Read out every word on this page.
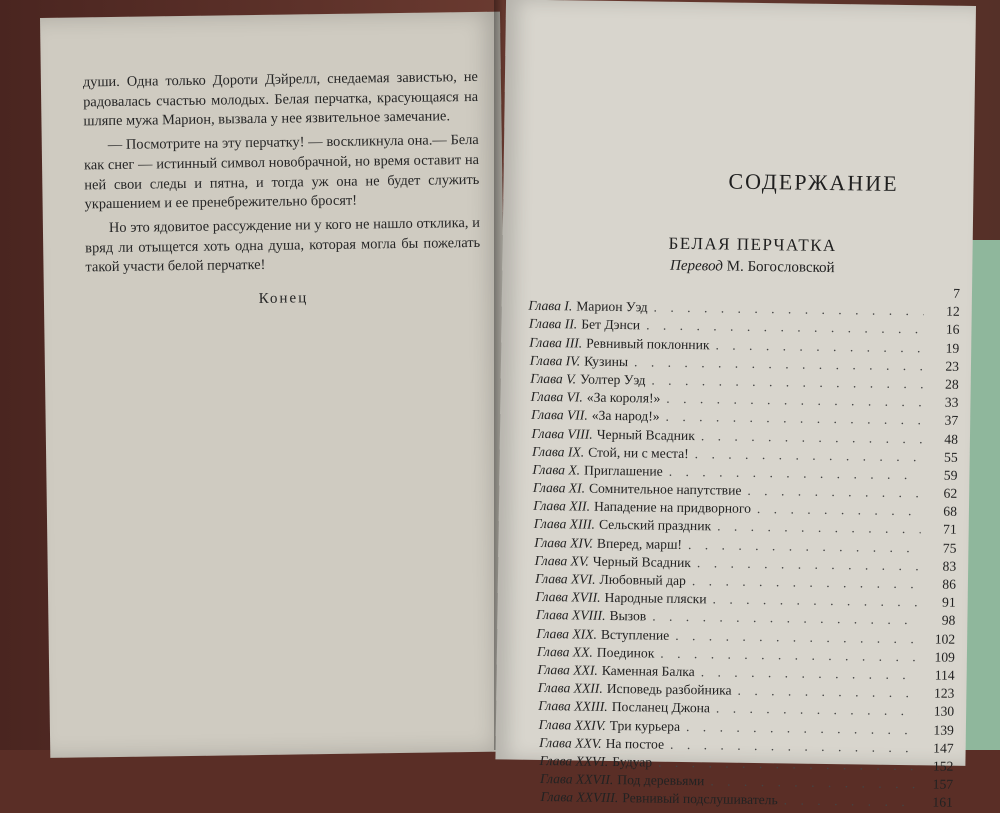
души. Одна только Дороти Дэйрелл, снедаемая завистью, не радовалась счастью молодых. Белая перчатка, красующаяся на шляпе мужа Марион, вызвала у нее язвительное замечание.

— Посмотрите на эту перчатку! — воскликнула она.— Бела как снег — истинный символ новобрачной, но время оставит на ней свои следы и пятна, и тогда уж она не будет служить украшением и ее пренебрежительно бросят!

Но это ядовитое рассуждение ни у кого не нашло отклика, и вряд ли отыщется хоть одна душа, которая могла бы пожелать такой участи белой перчатке!

Конец
СОДЕРЖАНИЕ
БЕЛАЯ ПЕРЧАТКА
Перевод М. Богословской
7
Глава I. Марион Уэд . . .	12
Глава II. Бет Дэнси . . .	16
Глава III. Ревнивый поклонник . . .	19
Глава IV. Кузины . . .	23
Глава V. Уолтер Уэд . . .	28
Глава VI. «За короля!» . . .	33
Глава VII. «За народ!» . . .	37
Глава VIII. Черный Всадник . . .	48
Глава IX. Стой, ни с места! . . .	55
Глава X. Приглашение . . .	59
Глава XI. Сомнительное напутствие . . .	62
Глава XII. Нападение на придворного . . .	68
Глава XIII. Сельский праздник . . .	71
Глава XIV. Вперед, марш! . . .	75
Глава XV. Черный Всадник . . .	83
Глава XVI. Любовный дар . . .	86
Глава XVII. Народные пляски . . .	91
Глава XVIII. Вызов . . .	98
Глава XIX. Вступление . . .	102
Глава XX. Поединок . . .	109
Глава XXI. Каменная Балка . . .	114
Глава XXII. Исповедь разбойника . . .	123
Глава XXIII. Посланец Джона . . .	130
Глава XXIV. Три курьера . . .	139
Глава XXV. На постое . . .	147
Глава XXVI. Будуар . . .	152
Глава XXVII. Под деревьями . . .	157
Глава XXVIII. Ревнивый подслушиватель . . .	161
